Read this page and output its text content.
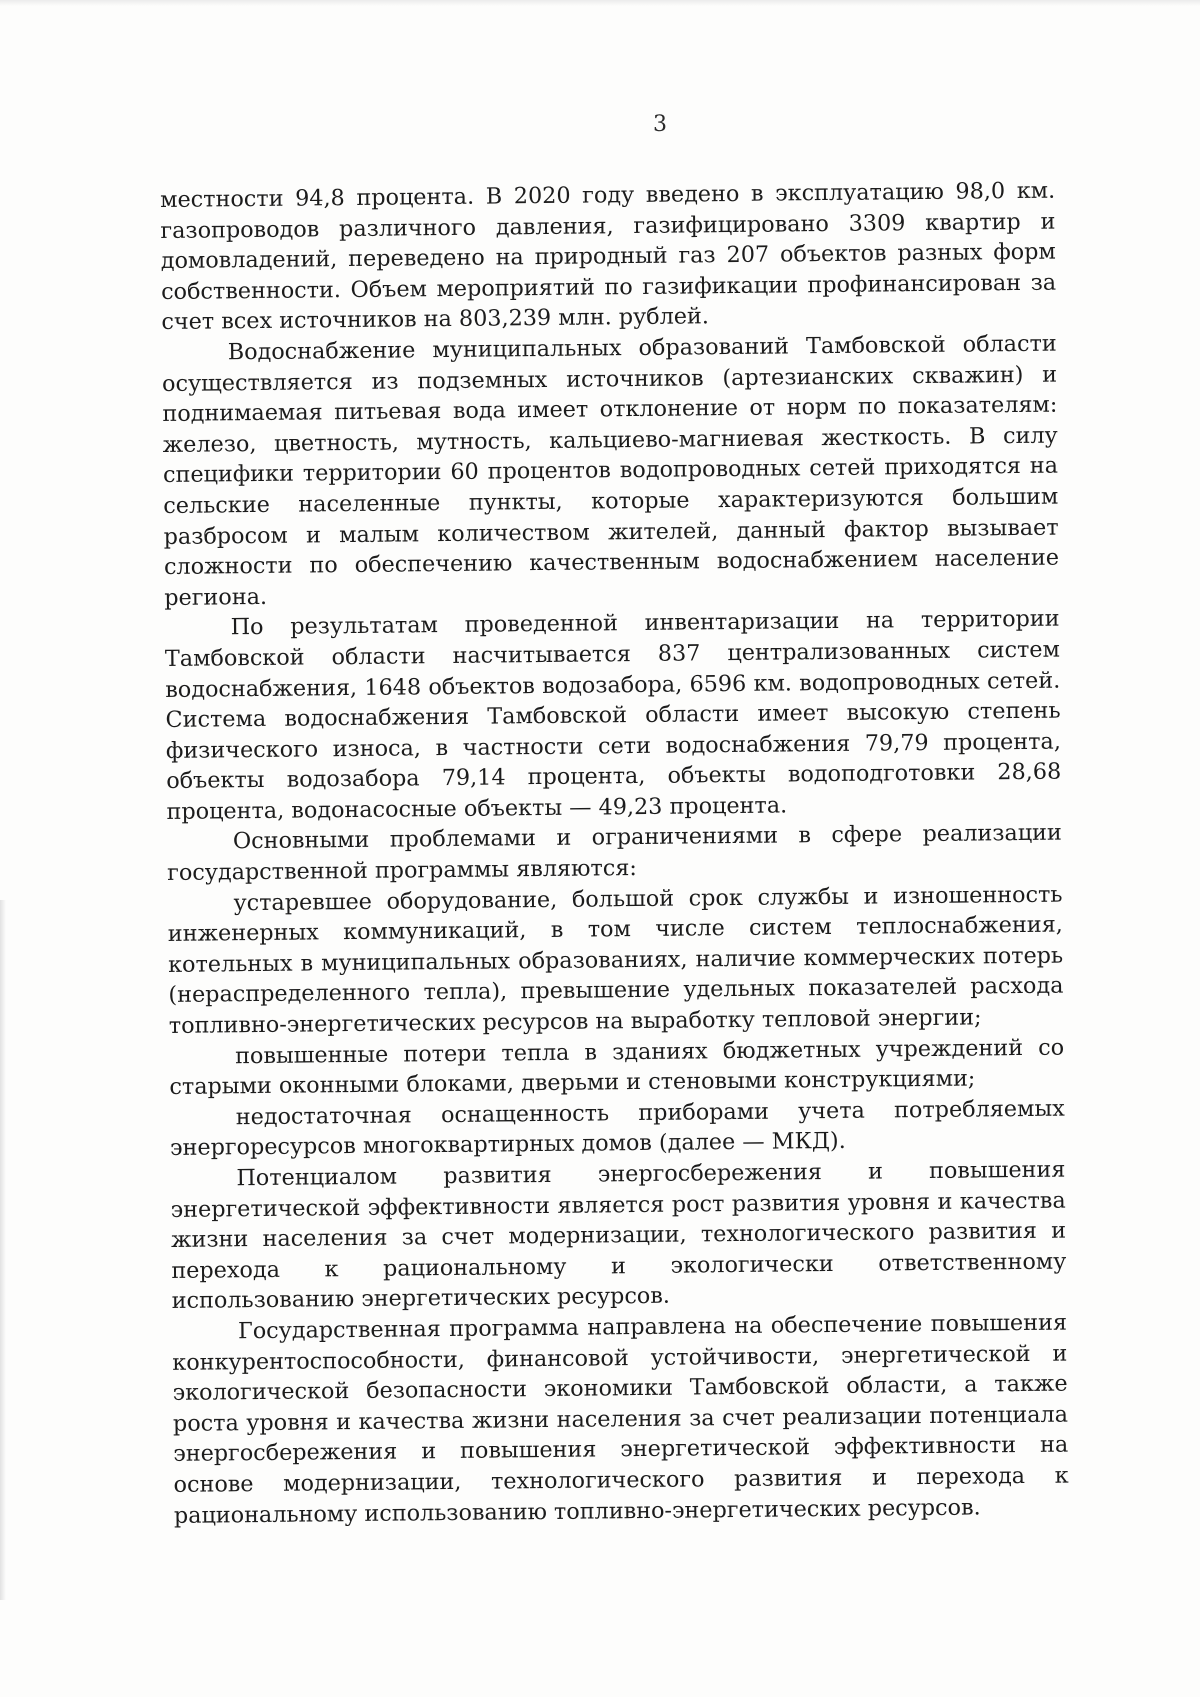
3

местности 94,8 процента. В 2020 году введено в эксплуатацию 98,0 км. газопроводов различного давления, газифицировано 3309 квартир и домовладений, переведено на природный газ 207 объектов разных форм собственности. Объем мероприятий по газификации профинансирован за счет всех источников на 803,239 млн. рублей.

Водоснабжение муниципальных образований Тамбовской области осуществляется из подземных источников (артезианских скважин) и поднимаемая питьевая вода имеет отклонение от норм по показателям: железо, цветность, мутность, кальциево-магниевая жесткость. В силу специфики территории 60 процентов водопроводных сетей приходятся на сельские населенные пункты, которые характеризуются большим разбросом и малым количеством жителей, данный фактор вызывает сложности по обеспечению качественным водоснабжением население региона.

По результатам проведенной инвентаризации на территории Тамбовской области насчитывается 837 централизованных систем водоснабжения, 1648 объектов водозабора, 6596 км. водопроводных сетей. Система водоснабжения Тамбовской области имеет высокую степень физического износа, в частности сети водоснабжения 79,79 процента, объекты водозабора 79,14 процента, объекты водоподготовки 28,68 процента, водонасосные объекты — 49,23 процента.

Основными проблемами и ограничениями в сфере реализации государственной программы являются:

устаревшее оборудование, большой срок службы и изношенность инженерных коммуникаций, в том числе систем теплоснабжения, котельных в муниципальных образованиях, наличие коммерческих потерь (нераспределенного тепла), превышение удельных показателей расхода топливно-энергетических ресурсов на выработку тепловой энергии;

повышенные потери тепла в зданиях бюджетных учреждений со старыми оконными блоками, дверьми и стеновыми конструкциями;

недостаточная оснащенность приборами учета потребляемых энергоресурсов многоквартирных домов (далее — МКД).

Потенциалом развития энергосбережения и повышения энергетической эффективности является рост развития уровня и качества жизни населения за счет модернизации, технологического развития и перехода к рациональному и экологически ответственному использованию энергетических ресурсов.

Государственная программа направлена на обеспечение повышения конкурентоспособности, финансовой устойчивости, энергетической и экологической безопасности экономики Тамбовской области, а также роста уровня и качества жизни населения за счет реализации потенциала энергосбережения и повышения энергетической эффективности на основе модернизации, технологического развития и перехода к рациональному использованию топливно-энергетических ресурсов.
